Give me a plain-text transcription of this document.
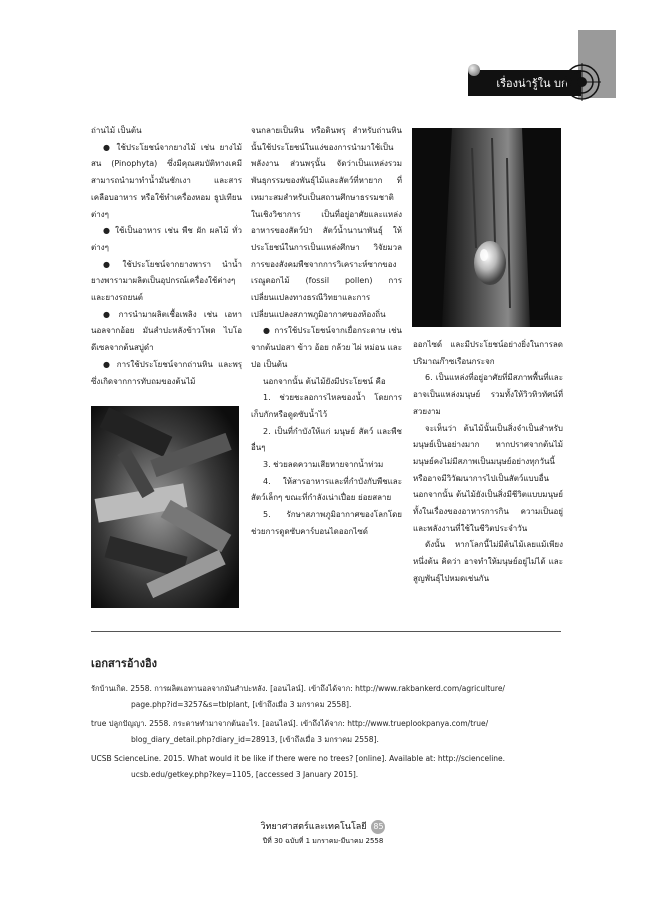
เรื่องน่ารู้ใน บก

ถ่านไม้ เป็นต้น

● ใช้ประโยชน์จากยางไม้ เช่น ยางไม้สน (Pinophyta) ซึ่งมีคุณสมบัติทางเคมี สามารถนำมาทำน้ำมันชักเงา และสารเคลือบอาหาร หรือใช้ทำเครื่องหอม ธูปเทียนต่างๆ

● ใช้เป็นอาหาร เช่น พืช ผัก ผลไม้ ทั่วต่างๆ

● ใช้ประโยชน์จากยางพารา นำน้ำยางพารามาผลิตเป็นอุปกรณ์เครื่องใช้ต่างๆ และยางรถยนต์

● การนำมาผลิตเชื้อเพลิง เช่น เอทานอลจากอ้อย มันสำปะหลังข้าวโพด ไบโอดีเซลจากต้นสบู่ดำ

● การใช้ประโยชน์จากถ่านหิน และพรุ ซึ่งเกิดจากการทับถมของต้นไม้

จนกลายเป็นหิน หรือดินพรุ สำหรับถ่านหินนั้นใช้ประโยชน์ในแง่ของการนำมาใช้เป็นพลังงาน ส่วนพรุนั้น จัดว่าเป็นแหล่งรวมพันธุกรรมของพันธุ์ไม้และสัตว์ที่หายาก ที่เหมาะสมสำหรับเป็นสถานศึกษาธรรมชาติในเชิงวิชาการ เป็นที่อยู่อาศัยและแหล่งอาหารของสัตว์ป่า สัตว์น้ำนานาพันธุ์ ให้ประโยชน์ในการเป็นแหล่งศึกษา วิจัยมวลการของสังคมพืชจากการวิเคราะห์ซากของเรณูดอกไม้ (fossil pollen) การเปลี่ยนแปลงทางธรณีวิทยาและการเปลี่ยนแปลงสภาพภูมิอากาศของท้องถิ่น

● การใช้ประโยชน์จากเยื่อกระดาษ เช่น จากต้นปอสา ข้าว อ้อย กล้วย ไผ่ หม่อน และปอ เป็นต้น

นอกจากนั้น ต้นไม้ยังมีประโยชน์ คือ

1. ช่วยชะลอการไหลของน้ำ โดยการเก็บกักหรือดูดซับน้ำไว้

2. เป็นที่กำบังให้แก่ มนุษย์ สัตว์ และพืชอื่นๆ

3. ช่วยลดความเสียหายจากน้ำท่วม

4. ให้สารอาหารและที่กำบังกับพืชและสัตว์เล็กๆ ขณะที่กำลังเน่าเปื่อย ย่อยสลาย

5. รักษาสภาพภูมิอากาศของโลกโดยช่วยการดูดซับคาร์บอนไดออกไซด์

ออกไซด์ และมีประโยชน์อย่างยิ่งในการลดปริมาณก๊าซเรือนกระจก

6. เป็นแหล่งที่อยู่อาศัยที่มีสภาพพื้นที่และอาจเป็นแหล่งมนุษย์ รวมทั้งให้วิวทิวทัศน์ที่สวยงาม

จะเห็นว่า ต้นไม้นั้นเป็นสิ่งจำเป็นสำหรับมนุษย์เป็นอย่างมาก หากปราศจากต้นไม้ มนุษย์คงไม่มีสภาพเป็นมนุษย์อย่างทุกวันนี้ หรืออาจมีวิวัฒนาการไปเป็นสัตว์แบบอื่น นอกจากนั้น ต้นไม้ยังเป็นสิ่งมีชีวิตแบบมนุษย์ ทั้งในเรื่องของอาหารการกิน ความเป็นอยู่ และพลังงานที่ใช้ในชีวิตประจำวัน

ดังนั้น หากโลกนี้ไม่มีต้นไม้เลยแม้เพียงหนึ่งต้น คิดว่า อาจทำให้มนุษย์อยู่ไม่ได้ และสูญพันธุ์ไปหมดเช่นกัน

เอกสารอ้างอิง

รักบ้านเกิด. 2558. การผลิตเอทานอลจากมันสำปะหลัง. [ออนไลน์]. เข้าถึงได้จาก: http://www.rakbankerd.com/agriculture/
page.php?id=3257&s=tblplant, [เข้าถึงเมื่อ 3 มกราคม 2558].

true ปลูกปัญญา. 2558. กระดาษทำมาจากต้นอะไร. [ออนไลน์]. เข้าถึงได้จาก: http://www.trueplookpanya.com/true/
blog_diary_detail.php?diary_id=28913, [เข้าถึงเมื่อ 3 มกราคม 2558].

UCSB ScienceLine. 2015. What would it be like if there were no trees? [online]. Available at: http://scienceline.
ucsb.edu/getkey.php?key=1105, [accessed 3 January 2015].

วิทยาศาสตร์และเทคโนโลยี 85
ปีที่ 30 ฉบับที่ 1 มกราคม-มีนาคม 2558
